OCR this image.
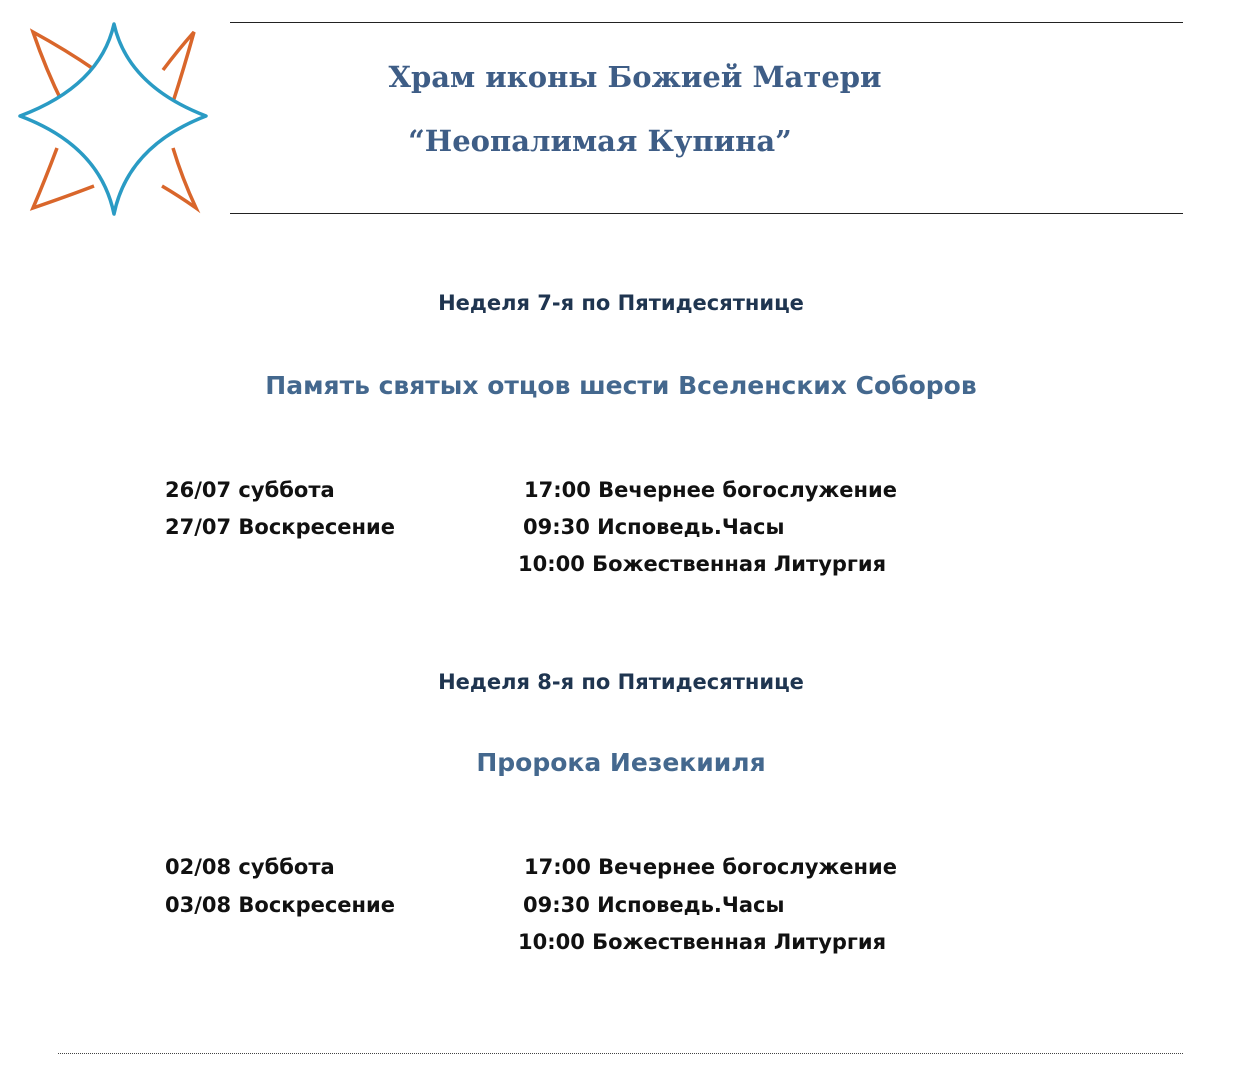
Храм иконы Божией Матери
“Неопалимая Купина”
Неделя 7-я по Пятидесятнице
Память святых отцов шести Вселенских Соборов
26/07 суббота	17:00 Вечернее богослужение
27/07 Воскресение	09:30 Исповедь.Часы
10:00 Божественная Литургия
Неделя 8-я по Пятидесятнице
Пророка Иезекииля
02/08 суббота	17:00 Вечернее богослужение
03/08 Воскресение	09:30 Исповедь.Часы
10:00 Божественная Литургия
